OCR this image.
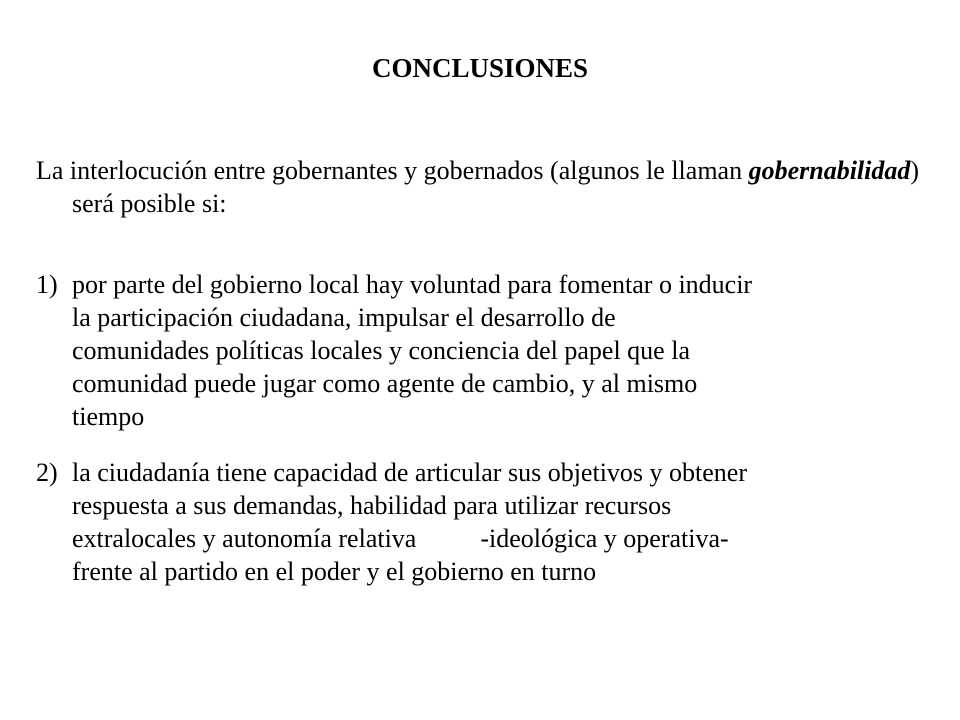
CONCLUSIONES
La interlocución entre gobernantes y gobernados (algunos le llaman gobernabilidad) será posible si:
1) por parte del gobierno local hay voluntad para fomentar o inducir
la participación ciudadana, impulsar el desarrollo de
comunidades políticas locales y conciencia del papel que la
comunidad puede jugar como agente de cambio, y al mismo
tiempo
2) la ciudadanía tiene capacidad de articular sus objetivos y obtener
respuesta a sus demandas, habilidad para utilizar recursos
extralocales y autonomía relativa -ideológica y operativa-
frente al partido en el poder y el gobierno en turno
